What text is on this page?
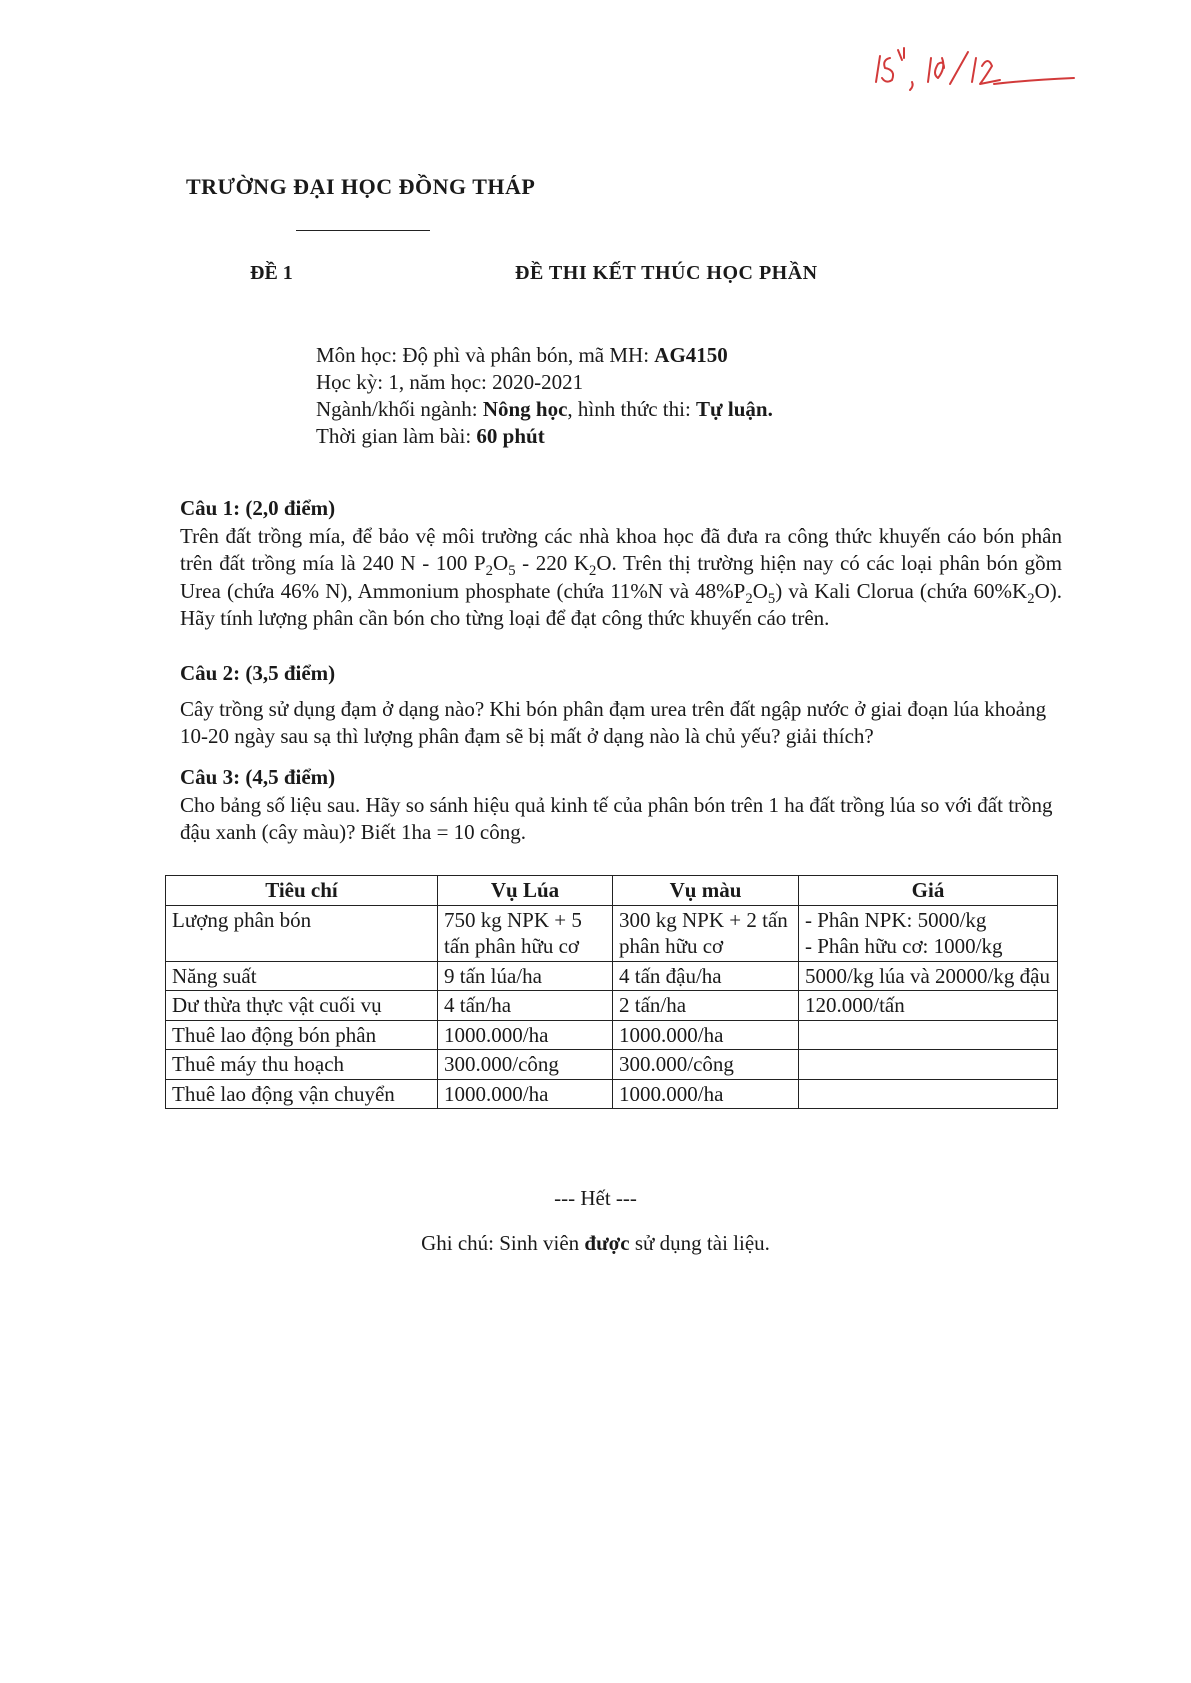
TRƯỜNG ĐẠI HỌC ĐỒNG THÁP
ĐỀ 1	ĐỀ THI KẾT THÚC HỌC PHẦN
Môn học: Độ phì và phân bón, mã MH: AG4150
Học kỳ: 1, năm học: 2020-2021
Ngành/khối ngành: Nông học, hình thức thi: Tự luận.
Thời gian làm bài: 60 phút
Câu 1: (2,0 điểm)
Trên đất trồng mía, để bảo vệ môi trường các nhà khoa học đã đưa ra công thức khuyến cáo bón phân trên đất trồng mía là 240 N - 100 $P_2O_5 - 220$ $K_2O$. Trên thị trường hiện nay có các loại phân bón gồm Urea (chứa 46% N), Ammonium phosphate (chứa 11%N và $48\%P_2O_5$) và Kali Clorua (chứa $60\%K_2O$). Hãy tính lượng phân cần bón cho từng loại để đạt công thức khuyến cáo trên.
Câu 2: (3,5 điểm)
Cây trồng sử dụng đạm ở dạng nào? Khi bón phân đạm urea trên đất ngập nước ở giai đoạn lúa khoảng 10-20 ngày sau sạ thì lượng phân đạm sẽ bị mất ở dạng nào là chủ yếu? giải thích?
Câu 3: (4,5 điểm)
Cho bảng số liệu sau. Hãy so sánh hiệu quả kinh tế của phân bón trên 1 ha đất trồng lúa so với đất trồng đậu xanh (cây màu)? Biết 1ha = 10 công.
Tiêu chí	Vụ Lúa	Vụ màu	Giá
Lượng phân bón	750 kg NPK + 5 tấn phân hữu cơ	300 kg NPK + 2 tấn phân hữu cơ	- Phân NPK: 5000/kg
- Phân hữu cơ: 1000/kg

Năng suất	9 tấn lúa/ha	4 tấn đậu/ha	5000/kg lúa và 20000/kg đậu
Dư thừa thực vật cuối vụ	4 tấn/ha	2 tấn/ha	120.000/tấn
Thuê lao động bón phân	1000.000/ha	1000.000/ha	
Thuê máy thu hoạch	300.000/công	300.000/công	
Thuê lao động vận chuyển	1000.000/ha	1000.000/ha	
--- Hết ---
Ghi chú: Sinh viên được sử dụng tài liệu.
